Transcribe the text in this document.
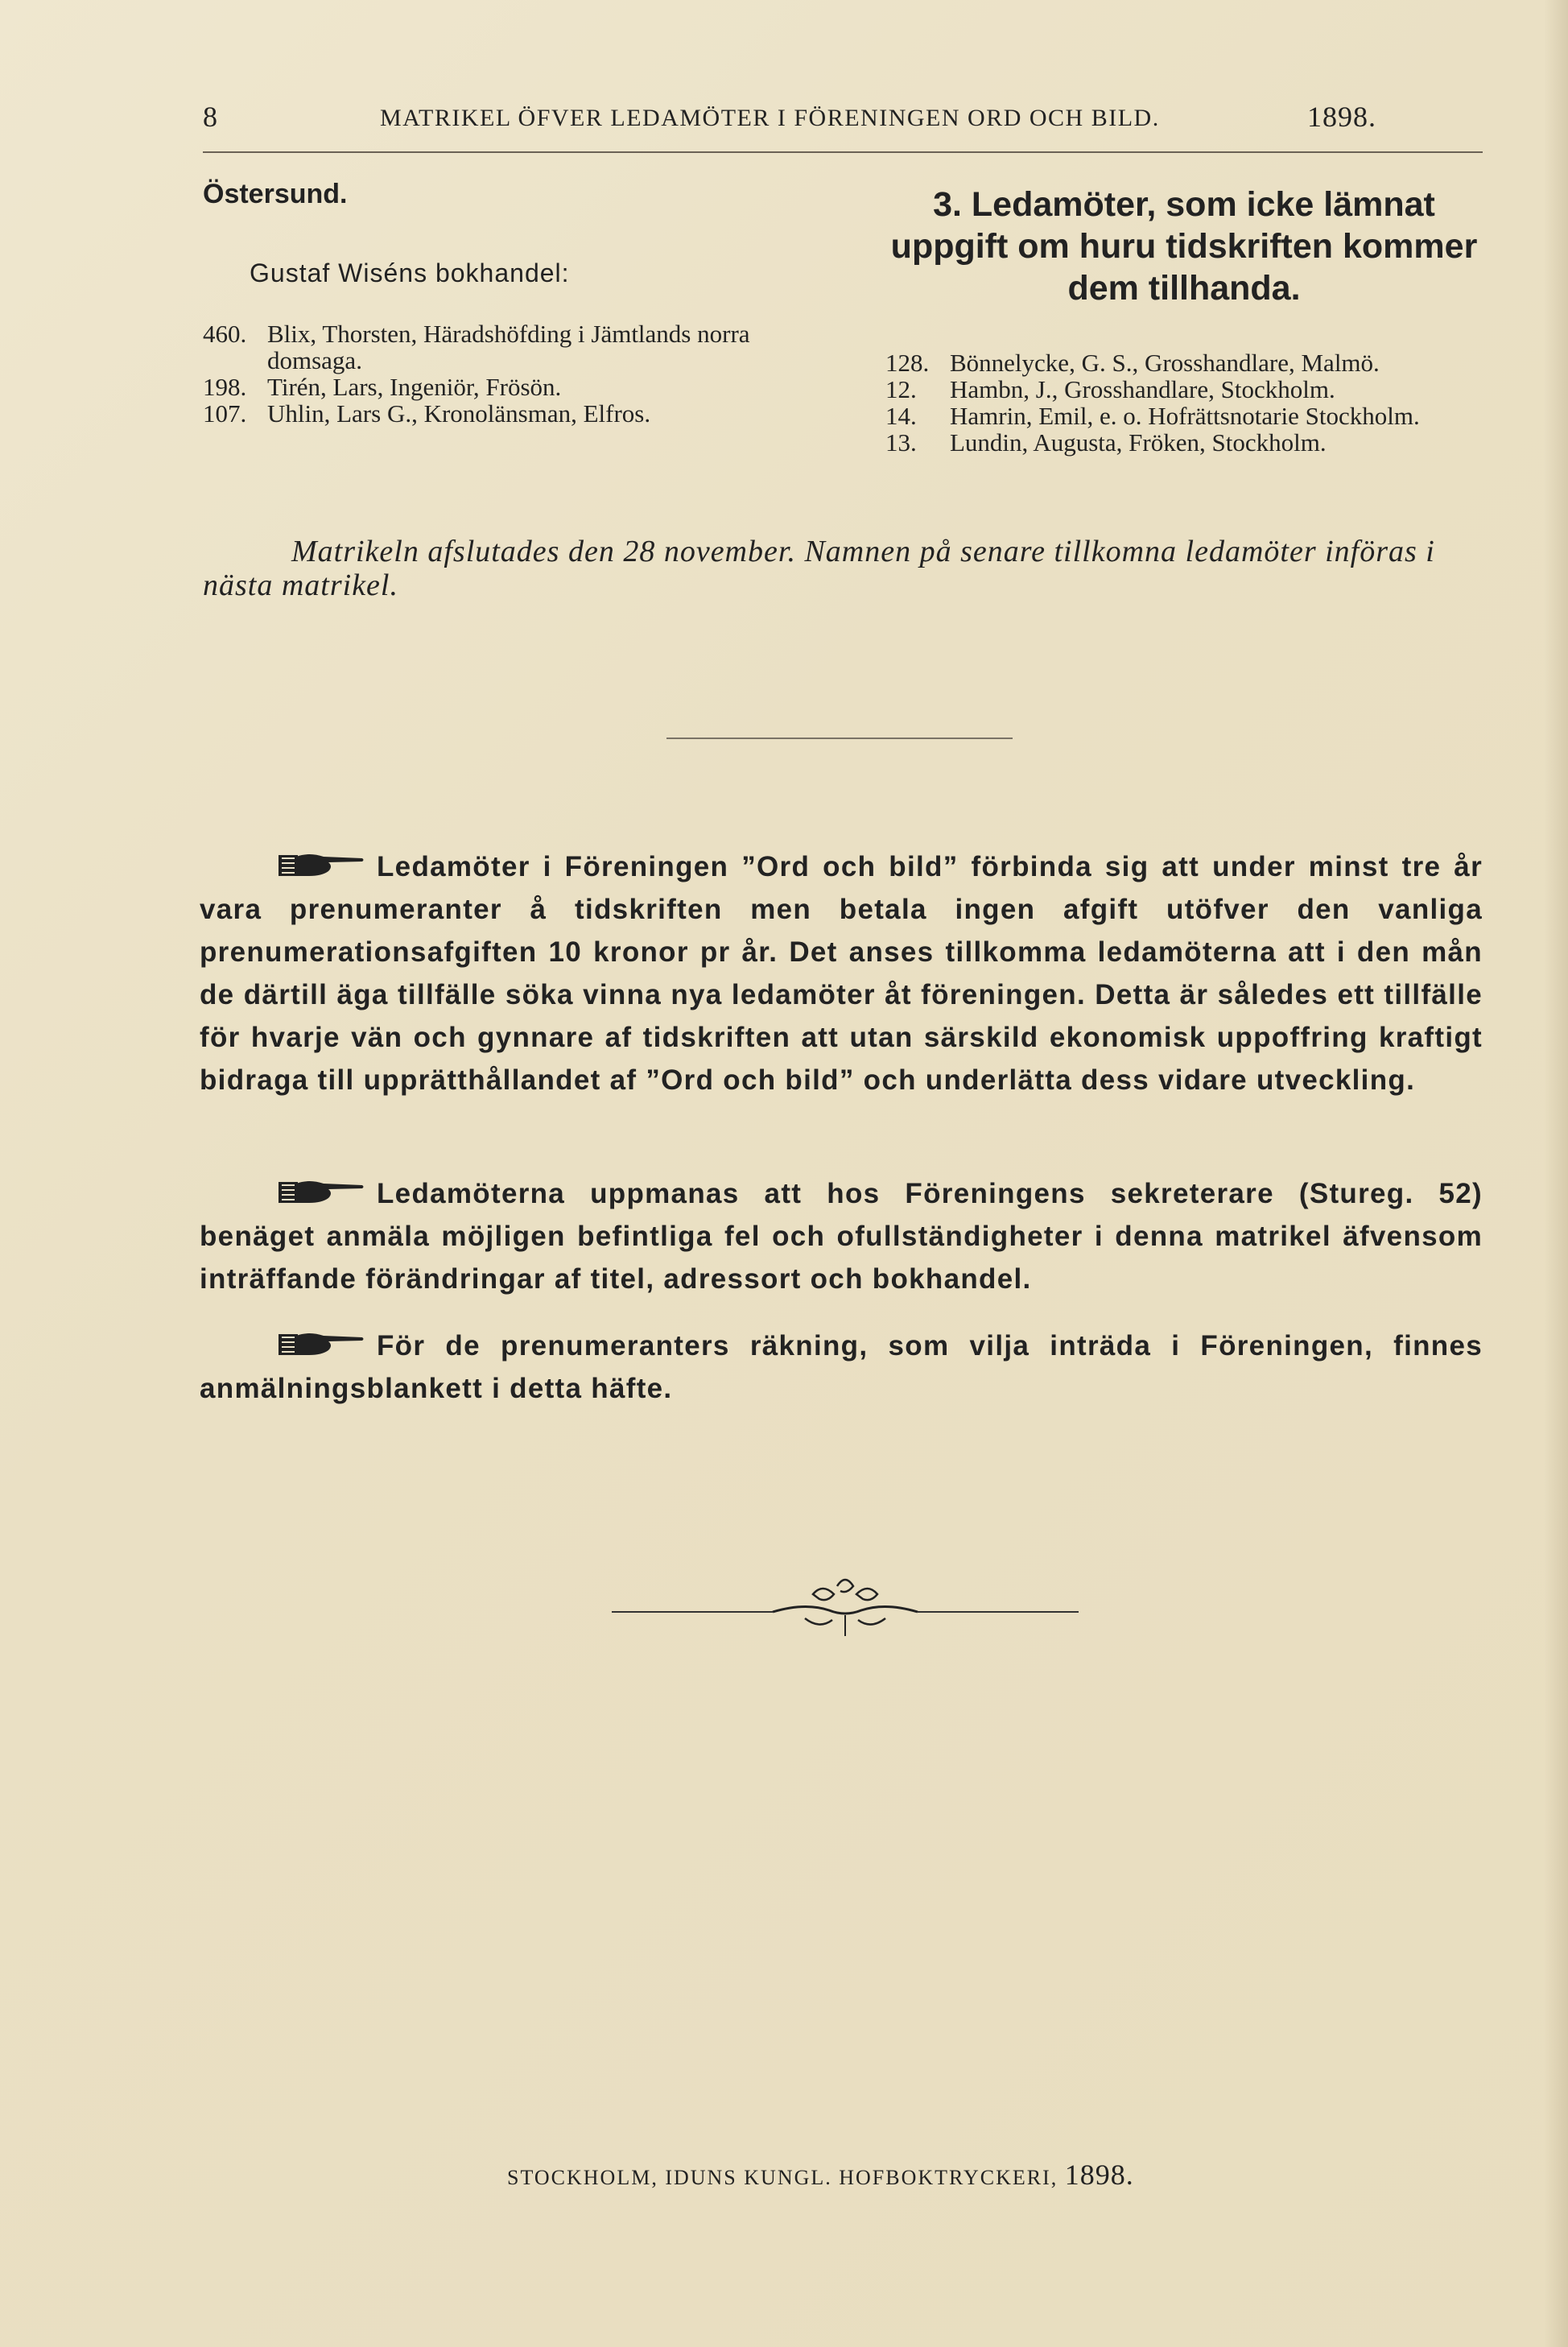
8	MATRIKEL ÖFVER LEDAMÖTER I FÖRENINGEN ORD OCH BILD.	1898.
Östersund.
Gustaf Wiséns bokhandel:
460. Blix, Thorsten, Häradshöfding i Jämtlands norra domsaga.
198. Tirén, Lars, Ingeniör, Frösön.
107. Uhlin, Lars G., Kronolänsman, Elfros.
3. Ledamöter, som icke lämnat uppgift om huru tidskriften kommer dem tillhanda.
128. Bönnelycke, G. S., Grosshandlare, Malmö.
12. Hambn, J., Grosshandlare, Stockholm.
14. Hamrin, Emil, e. o. Hofrättsnotarie Stockholm.
13. Lundin, Augusta, Fröken, Stockholm.

Matrikeln afslutades den 28 november. Namnen på senare tillkomna ledamöter införas i nästa matrikel.

Ledamöter i Föreningen ”Ord och bild” förbinda sig att under minst tre år vara prenumeranter å tidskriften men betala ingen afgift utöfver den vanliga prenumerationsafgiften 10 kronor pr år. Det anses tillkomma ledamöterna att i den mån de därtill äga tillfälle söka vinna nya ledamöter åt föreningen. Detta är således ett tillfälle för hvarje vän och gynnare af tidskriften att utan särskild ekonomisk uppoffring kraftigt bidraga till upprätthållandet af ”Ord och bild” och underlätta dess vidare utveckling.

Ledamöterna uppmanas att hos Föreningens sekreterare (Stureg. 52) benäget anmäla möjligen befintliga fel och ofullständigheter i denna matrikel äfvensom inträffande förändringar af titel, adressort och bokhandel.

För de prenumeranters räkning, som vilja inträda i Föreningen, finnes anmälningsblankett i detta häfte.

STOCKHOLM, IDUNS KUNGL. HOFBOKTRYCKERI, 1898.
